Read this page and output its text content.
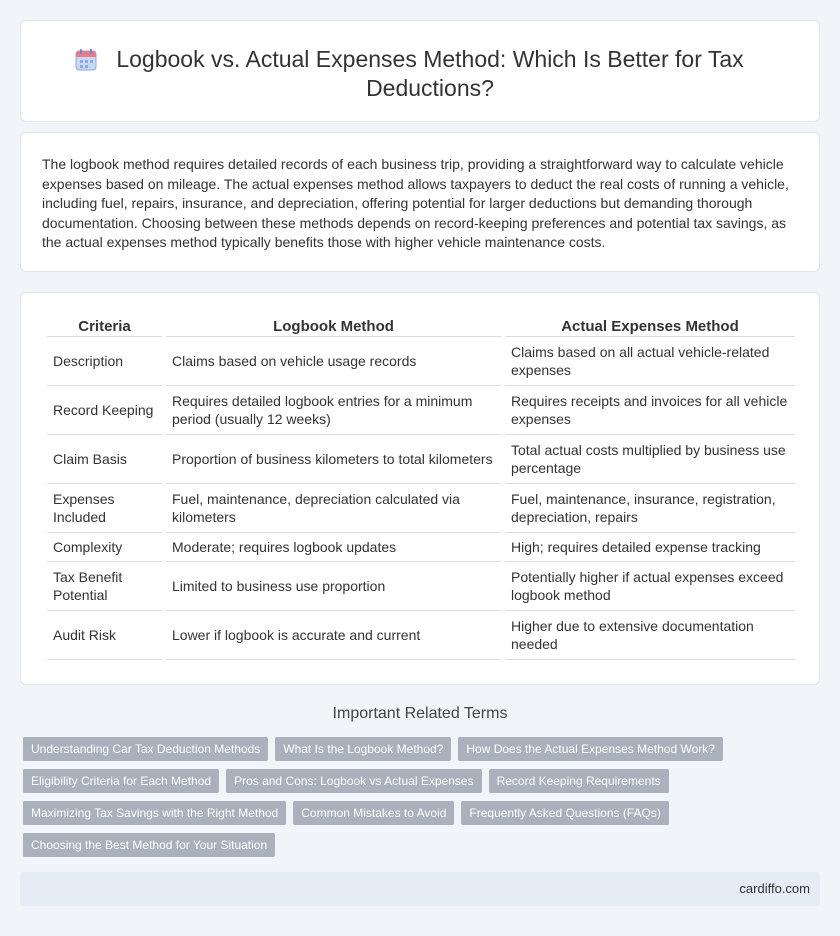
Logbook vs. Actual Expenses Method: Which Is Better for Tax Deductions?

The logbook method requires detailed records of each business trip, providing a straightforward way to calculate vehicle expenses based on mileage. The actual expenses method allows taxpayers to deduct the real costs of running a vehicle, including fuel, repairs, insurance, and depreciation, offering potential for larger deductions but demanding thorough documentation. Choosing between these methods depends on record-keeping preferences and potential tax savings, as the actual expenses method typically benefits those with higher vehicle maintenance costs.

Criteria	Logbook Method	Actual Expenses Method
Description	Claims based on vehicle usage records	Claims based on all actual vehicle-related expenses
Record Keeping	Requires detailed logbook entries for a minimum period (usually 12 weeks)	Requires receipts and invoices for all vehicle expenses
Claim Basis	Proportion of business kilometers to total kilometers	Total actual costs multiplied by business use percentage
Expenses Included	Fuel, maintenance, depreciation calculated via kilometers	Fuel, maintenance, insurance, registration, depreciation, repairs
Complexity	Moderate; requires logbook updates	High; requires detailed expense tracking
Tax Benefit Potential	Limited to business use proportion	Potentially higher if actual expenses exceed logbook method
Audit Risk	Lower if logbook is accurate and current	Higher due to extensive documentation needed
Important Related Terms
Understanding Car Tax Deduction Methods	What Is the Logbook Method?	How Does the Actual Expenses Method Work?
Eligibility Criteria for Each Method	Pros and Cons: Logbook vs Actual Expenses	Record Keeping Requirements
Maximizing Tax Savings with the Right Method	Common Mistakes to Avoid	Frequently Asked Questions (FAQs)
Choosing the Best Method for Your Situation
cardiffo.com
